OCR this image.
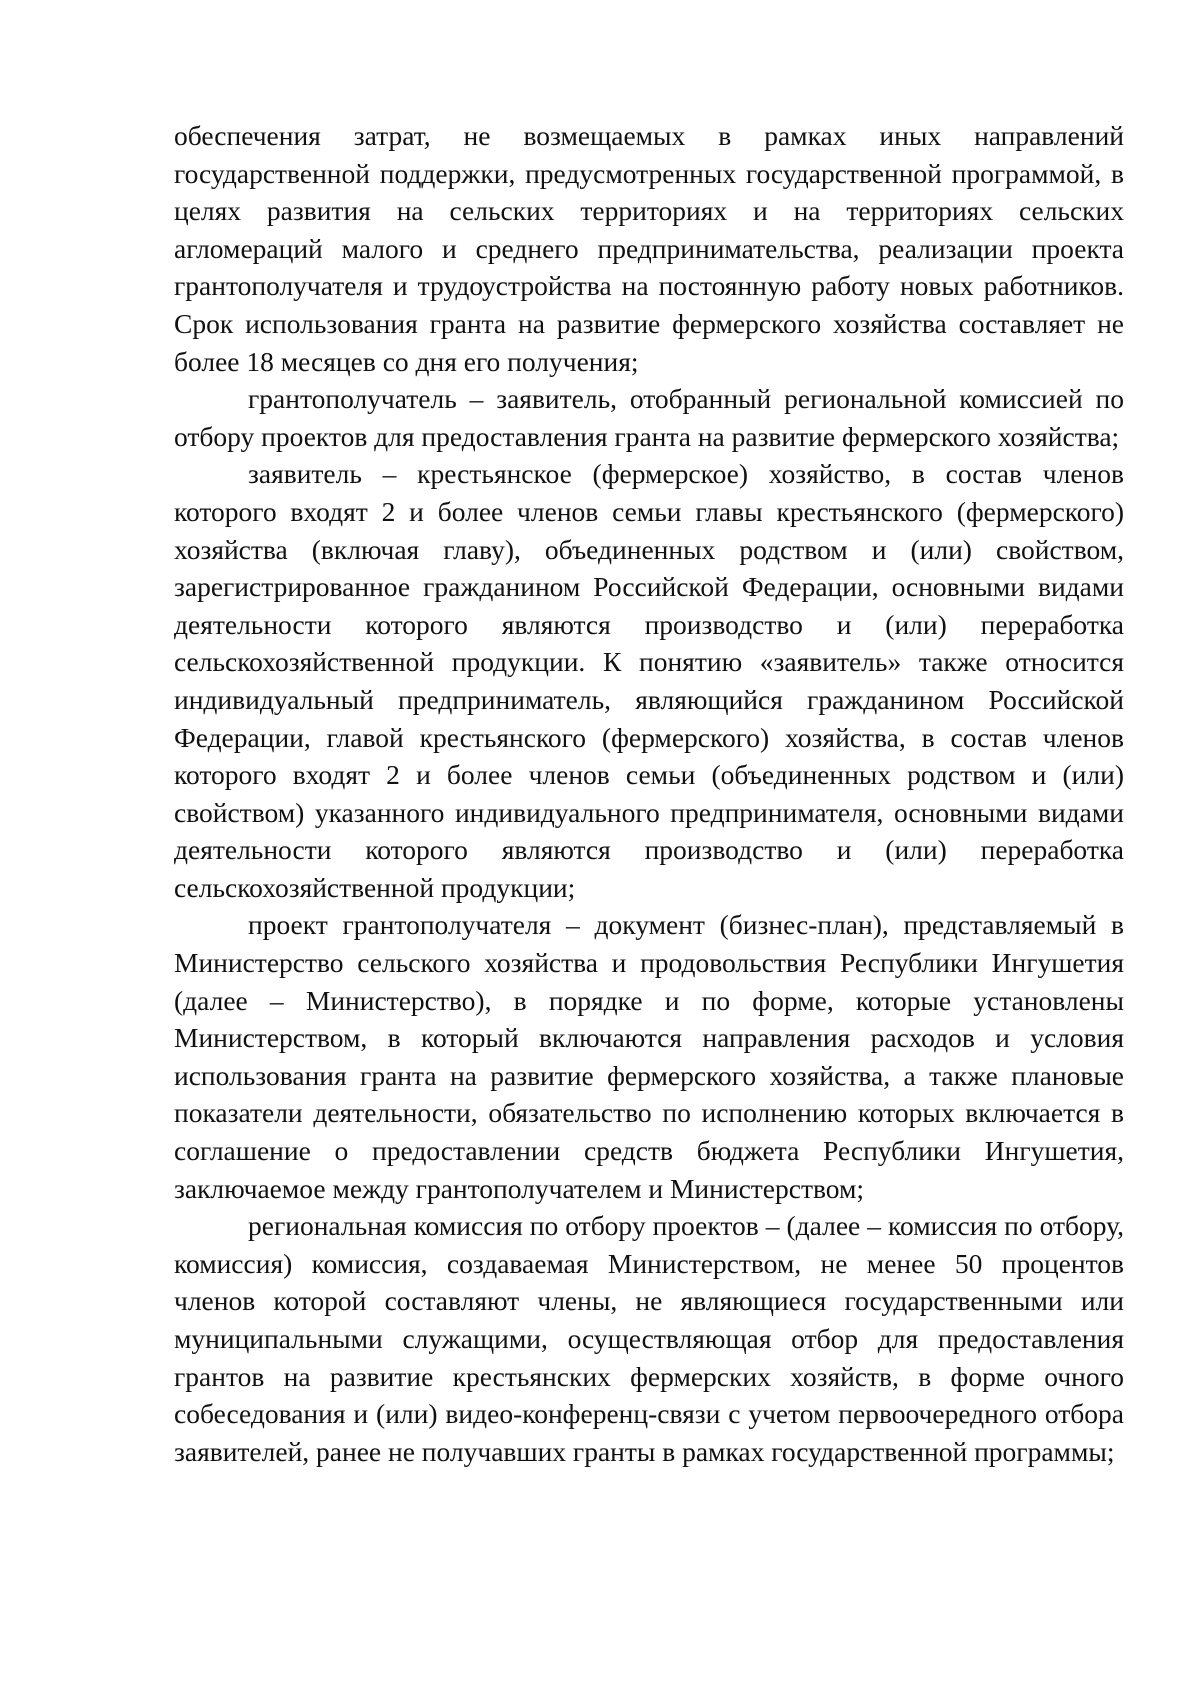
обеспечения затрат, не возмещаемых в рамках иных направлений государственной поддержки, предусмотренных государственной программой, в целях развития на сельских территориях и на территориях сельских агломераций малого и среднего предпринимательства, реализации проекта грантополучателя и трудоустройства на постоянную работу новых работников. Срок использования гранта на развитие фермерского хозяйства составляет не более 18 месяцев со дня его получения;

грантополучатель – заявитель, отобранный региональной комиссией по отбору проектов для предоставления гранта на развитие фермерского хозяйства;

заявитель – крестьянское (фермерское) хозяйство, в состав членов которого входят 2 и более членов семьи главы крестьянского (фермерского) хозяйства (включая главу), объединенных родством и (или) свойством, зарегистрированное гражданином Российской Федерации, основными видами деятельности которого являются производство и (или) переработка сельскохозяйственной продукции. К понятию «заявитель» также относится индивидуальный предприниматель, являющийся гражданином Российской Федерации, главой крестьянского (фермерского) хозяйства, в состав членов которого входят 2 и более членов семьи (объединенных родством и (или) свойством) указанного индивидуального предпринимателя, основными видами деятельности которого являются производство и (или) переработка сельскохозяйственной продукции;

проект грантополучателя – документ (бизнес-план), представляемый в Министерство сельского хозяйства и продовольствия Республики Ингушетия (далее – Министерство), в порядке и по форме, которые установлены Министерством, в который включаются направления расходов и условия использования гранта на развитие фермерского хозяйства, а также плановые показатели деятельности, обязательство по исполнению которых включается в соглашение о предоставлении средств бюджета Республики Ингушетия, заключаемое между грантополучателем и Министерством;

региональная комиссия по отбору проектов – (далее – комиссия по отбору, комиссия) комиссия, создаваемая Министерством, не менее 50 процентов членов которой составляют члены, не являющиеся государственными или муниципальными служащими, осуществляющая отбор для предоставления грантов на развитие крестьянских фермерских хозяйств, в форме очного собеседования и (или) видео-конференц-связи с учетом первоочередного отбора заявителей, ранее не получавших гранты в рамках государственной программы;
